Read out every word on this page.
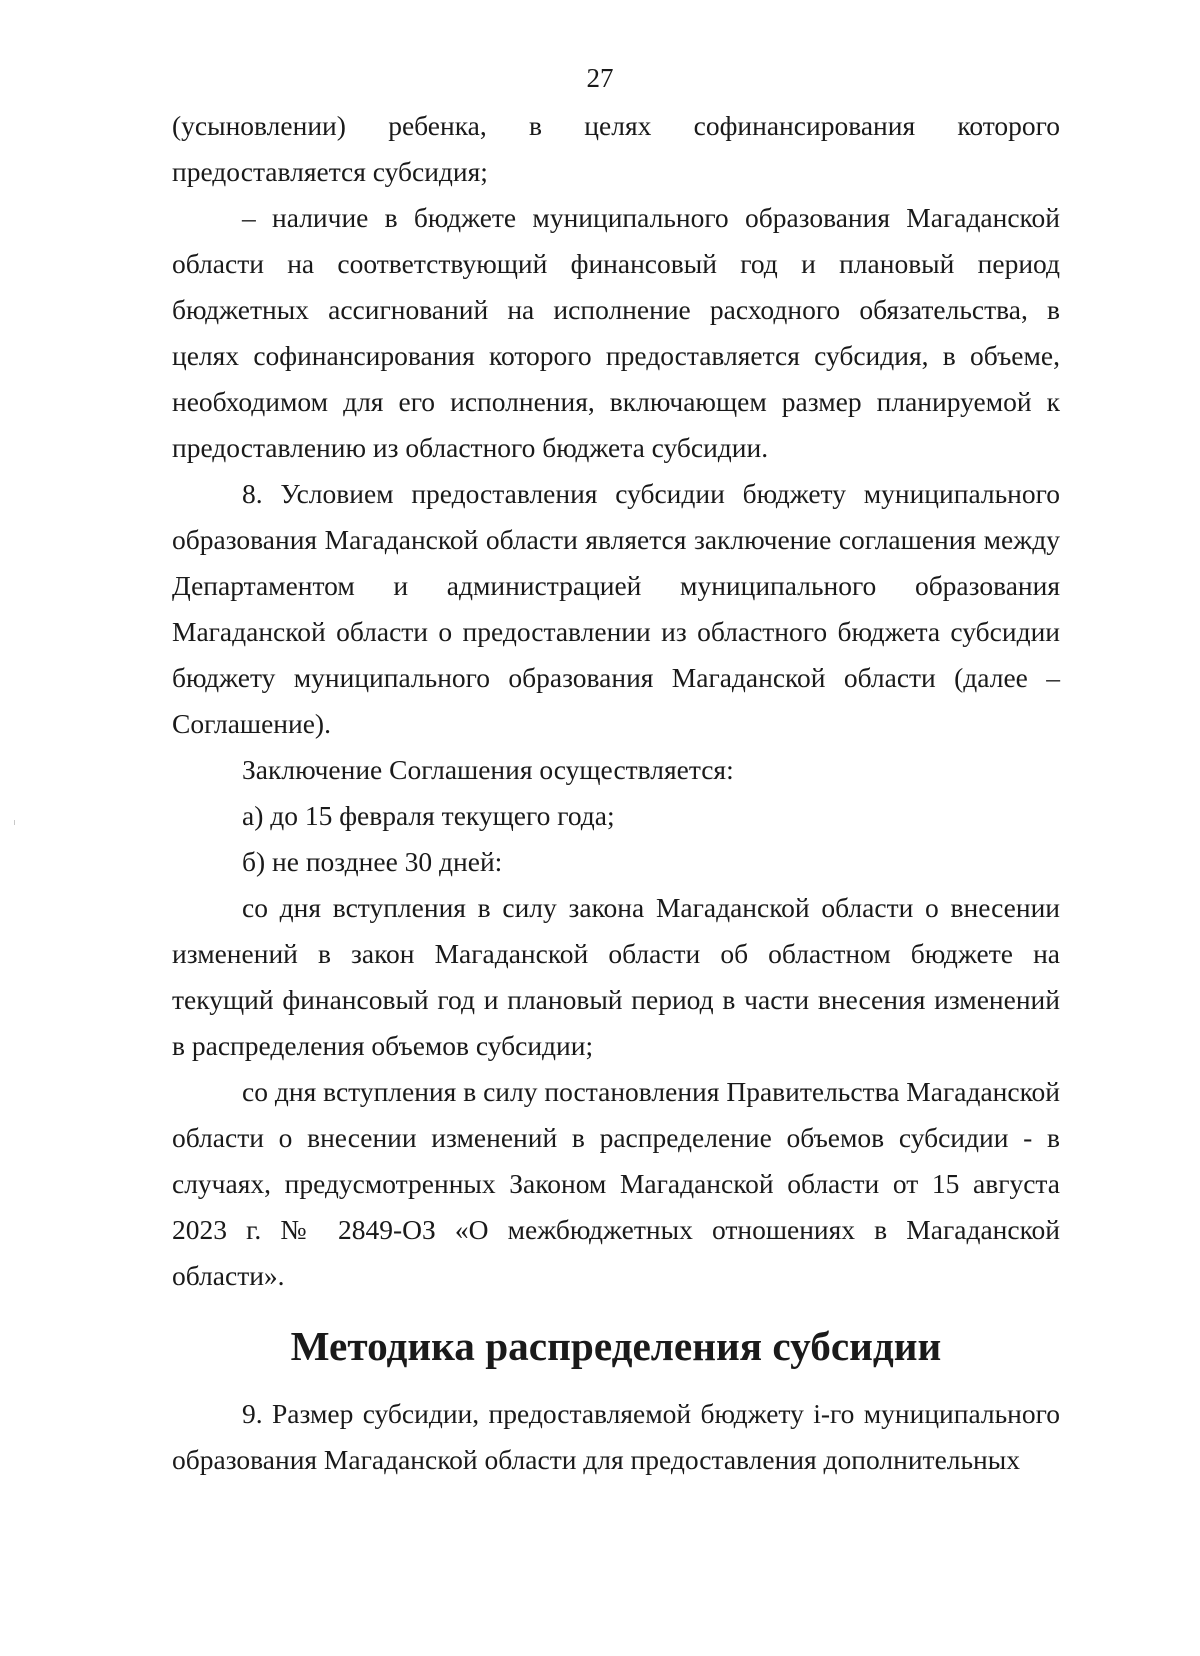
27

(усыновлении) ребенка, в целях софинансирования которого предоставляется субсидия;

– наличие в бюджете муниципального образования Магаданской области на соответствующий финансовый год и плановый период бюджетных ассигнований на исполнение расходного обязательства, в целях софинансирования которого предоставляется субсидия, в объеме, необходимом для его исполнения, включающем размер планируемой к предоставлению из областного бюджета субсидии.

8. Условием предоставления субсидии бюджету муниципального образования Магаданской области является заключение соглашения между Департаментом и администрацией муниципального образования Магаданской области о предоставлении из областного бюджета субсидии бюджету муниципального образования Магаданской области (далее – Соглашение).

Заключение Соглашения осуществляется:

а) до 15 февраля текущего года;

б) не позднее 30 дней:

со дня вступления в силу закона Магаданской области о внесении изменений в закон Магаданской области об областном бюджете на текущий финансовый год и плановый период в части внесения изменений в распределения объемов субсидии;

со дня вступления в силу постановления Правительства Магаданской области о внесении изменений в распределение объемов субсидии - в случаях, предусмотренных Законом Магаданской области от 15 августа 2023 г. № 2849-ОЗ «О межбюджетных отношениях в Магаданской области».

Методика распределения субсидии

9. Размер субсидии, предоставляемой бюджету i-го муниципального образования Магаданской области для предоставления дополнительных
